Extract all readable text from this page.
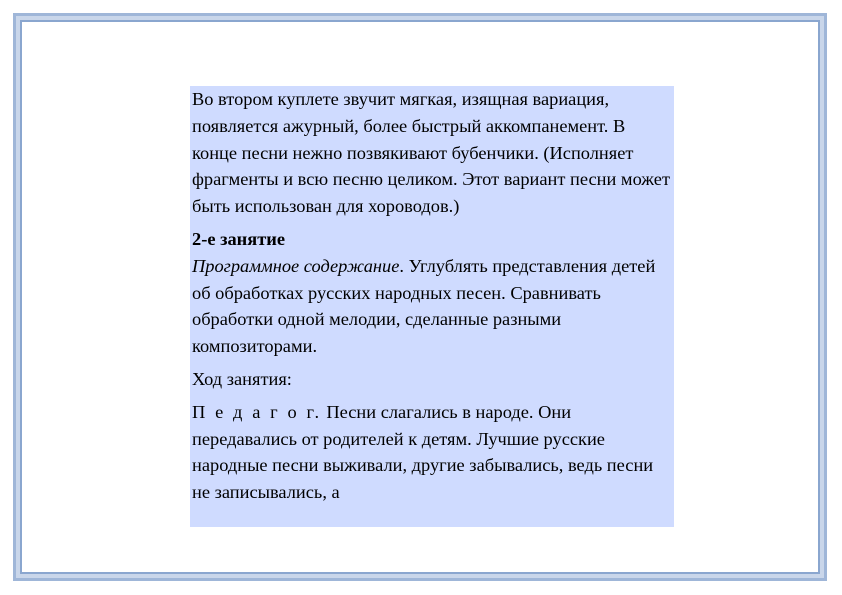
Во втором куплете звучит мягкая, изящная вариация, появляется ажурный, более быстрый аккомпанемент. В конце песни нежно позвякивают бубенчики. (Исполняет фрагменты и всю песню целиком. Этот вариант песни может быть использован для хороводов.)

2-е занятие

Программное содержание. Углублять представления детей об обработках русских народных песен. Сравнивать обработки одной мелодии, сделанные разными композиторами.

Ход занятия:

П е д а г о г. Песни слагались в народе. Они передавались от родителей к детям. Лучшие русские народные песни выживали, другие забывались, ведь песни не записывались, а
